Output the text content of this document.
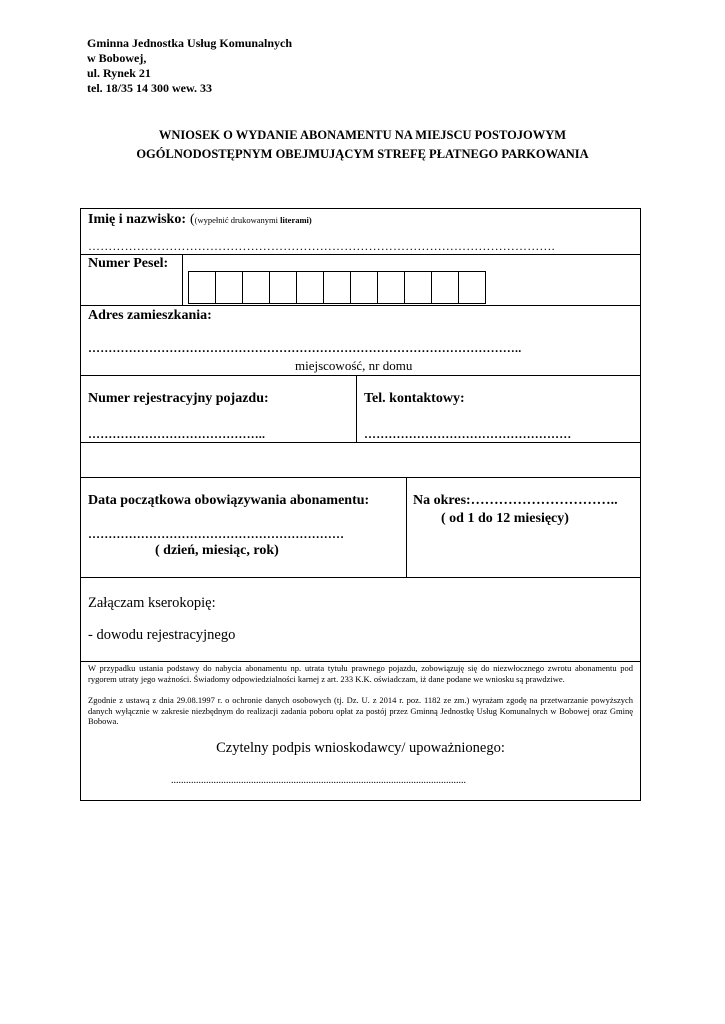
Gminna Jednostka Usług Komunalnych
w Bobowej,
ul. Rynek 21
tel. 18/35 14 300 wew. 33
WNIOSEK O WYDANIE ABONAMENTU NA MIEJSCU POSTOJOWYM
OGÓLNODOSTĘPNYM OBEJMUJĄCYM STREFĘ PŁATNEGO PARKOWANIA
Imię i nazwisko: ((wypełnić drukowanymi literami)
…………………………………………………………………………………………………….
Numer Pesel:
Adres zamieszkania:
……………………………………………………………………………………………..
miejscowość, nr domu
Numer rejestracyjny pojazdu:
……………………………………..
Tel. kontaktowy:
……………………………………………
Data początkowa obowiązywania abonamentu:
………………………………………………………
( dzień, miesiąc, rok)
Na okres:…………………………..
( od 1 do 12 miesięcy)
Załączam kserokopię:
- dowodu rejestracyjnego
W przypadku ustania podstawy do nabycia abonamentu np. utrata tytułu prawnego pojazdu, zobowiązuję się do niezwłocznego zwrotu abonamentu pod rygorem utraty jego ważności. Świadomy odpowiedzialności karnej z art. 233 K.K. oświadczam, iż dane podane we wniosku są prawdziwe.
Zgodnie z ustawą z dnia 29.08.1997 r. o ochronie danych osobowych (tj. Dz. U. z 2014 r. poz. 1182 ze zm.) wyrażam zgodę na przetwarzanie powyższych danych wyłącznie w zakresie niezbędnym do realizacji zadania poboru opłat za postój przez Gminną Jednostkę Usług Komunalnych w Bobowej oraz Gminę Bobowa.
Czytelny podpis wnioskodawcy/ upoważnionego:
......................................................................................................................
